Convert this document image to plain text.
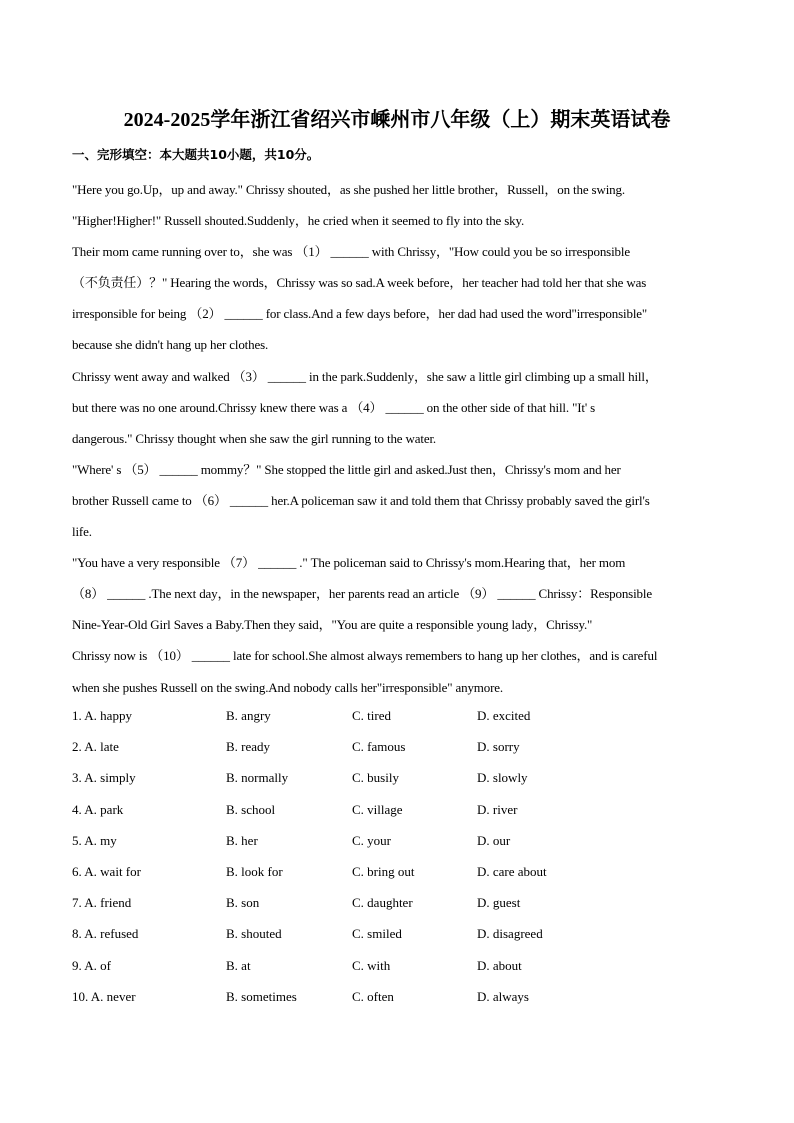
2024-2025学年浙江省绍兴市嵊州市八年级（上）期末英语试卷
一、完形填空：本大题共10小题，共10分。
"Here you go.Up，up and away." Chrissy shouted，as she pushed her little brother，Russell，on the swing.
"Higher!Higher!" Russell shouted.Suddenly，he cried when it seemed to fly into the sky.
Their mom came running over to，she was （1） ______ with Chrissy，"How could you be so irresponsible
（不负责任）？" Hearing the words，Chrissy was so sad.A week before，her teacher had told her that she was
irresponsible for being （2） ______ for class.And a few days before，her dad had used the word"irresponsible"
because she didn't hang up her clothes.
Chrissy went away and walked （3） ______ in the park.Suddenly，she saw a little girl climbing up a small hill，
but there was no one around.Chrissy knew there was a （4） ______ on the other side of that hill. "It' s
dangerous." Chrissy thought when she saw the girl running to the water.
"Where' s （5） ______ mommy？" She stopped the little girl and asked.Just then，Chrissy's mom and her
brother Russell came to （6） ______ her.A policeman saw it and told them that Chrissy probably saved the girl's
life.
"You have a very responsible （7） ______ ." The policeman said to Chrissy's mom.Hearing that，her mom
（8） ______ .The next day，in the newspaper，her parents read an article （9） ______ Chrissy：Responsible
Nine-Year-Old Girl Saves a Baby.Then they said，"You are quite a responsible young lady，Chrissy."
Chrissy now is （10） ______ late for school.She almost always remembers to hang up her clothes，and is careful
when she pushes Russell on the swing.And nobody calls her"irresponsible" anymore.
1. A. happy	B. angry	C. tired	D. excited
2. A. late	B. ready	C. famous	D. sorry
3. A. simply	B. normally	C. busily	D. slowly
4. A. park	B. school	C. village	D. river
5. A. my	B. her	C. your	D. our
6. A. wait for	B. look for	C. bring out	D. care about
7. A. friend	B. son	C. daughter	D. guest
8. A. refused	B. shouted	C. smiled	D. disagreed
9. A. of	B. at	C. with	D. about
10. A. never	B. sometimes	C. often	D. always
